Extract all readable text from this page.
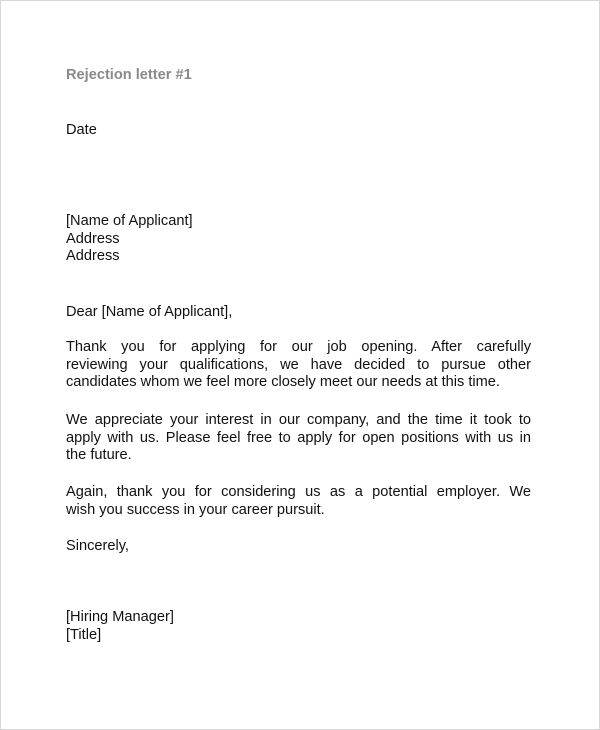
Rejection letter #1
Date
[Name of Applicant]
Address
Address
Dear [Name of Applicant],
Thank you for applying for our job opening. After carefully
reviewing your qualifications, we have decided to pursue other
candidates whom we feel more closely meet our needs at this time.
We appreciate your interest in our company, and the time it took to
apply with us. Please feel free to apply for open positions with us in
the future.
Again, thank you for considering us as a potential employer. We
wish you success in your career pursuit.
Sincerely,
[Hiring Manager]
[Title]
